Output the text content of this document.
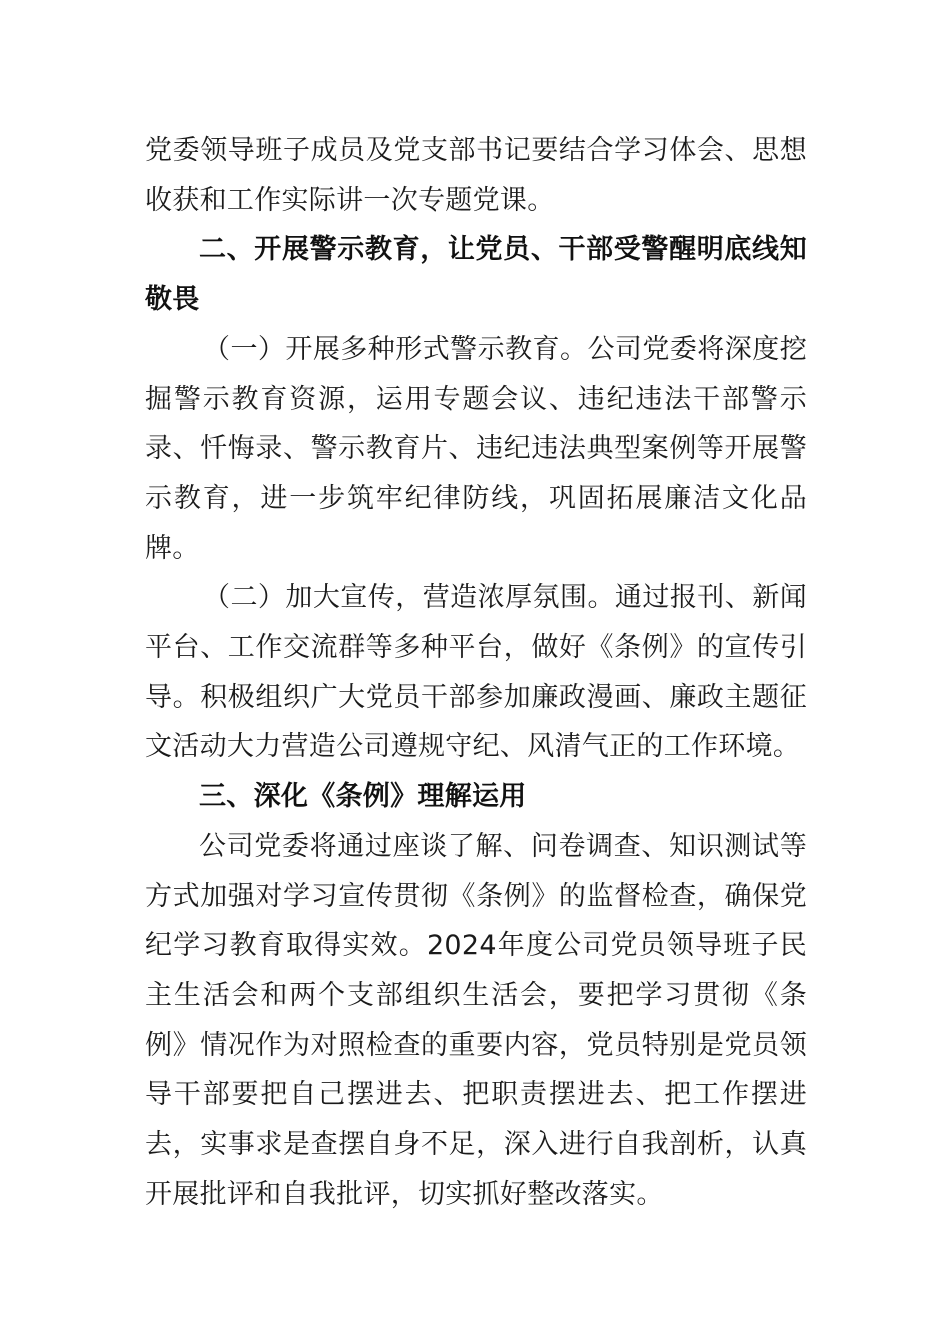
党委领导班子成员及党支部书记要结合学习体会、思想收获和工作实际讲一次专题党课。

二、开展警示教育，让党员、干部受警醒明底线知敬畏

（一）开展多种形式警示教育。公司党委将深度挖掘警示教育资源，运用专题会议、违纪违法干部警示录、忏悔录、警示教育片、违纪违法典型案例等开展警示教育，进一步筑牢纪律防线，巩固拓展廉洁文化品牌。

（二）加大宣传，营造浓厚氛围。通过报刊、新闻平台、工作交流群等多种平台，做好《条例》的宣传引导。积极组织广大党员干部参加廉政漫画、廉政主题征文活动大力营造公司遵规守纪、风清气正的工作环境。

三、深化《条例》理解运用

公司党委将通过座谈了解、问卷调查、知识测试等方式加强对学习宣传贯彻《条例》的监督检查，确保党纪学习教育取得实效。2024年度公司党员领导班子民主生活会和两个支部组织生活会，要把学习贯彻《条例》情况作为对照检查的重要内容，党员特别是党员领导干部要把自己摆进去、把职责摆进去、把工作摆进去，实事求是查摆自身不足，深入进行自我剖析，认真开展批评和自我批评，切实抓好整改落实。
